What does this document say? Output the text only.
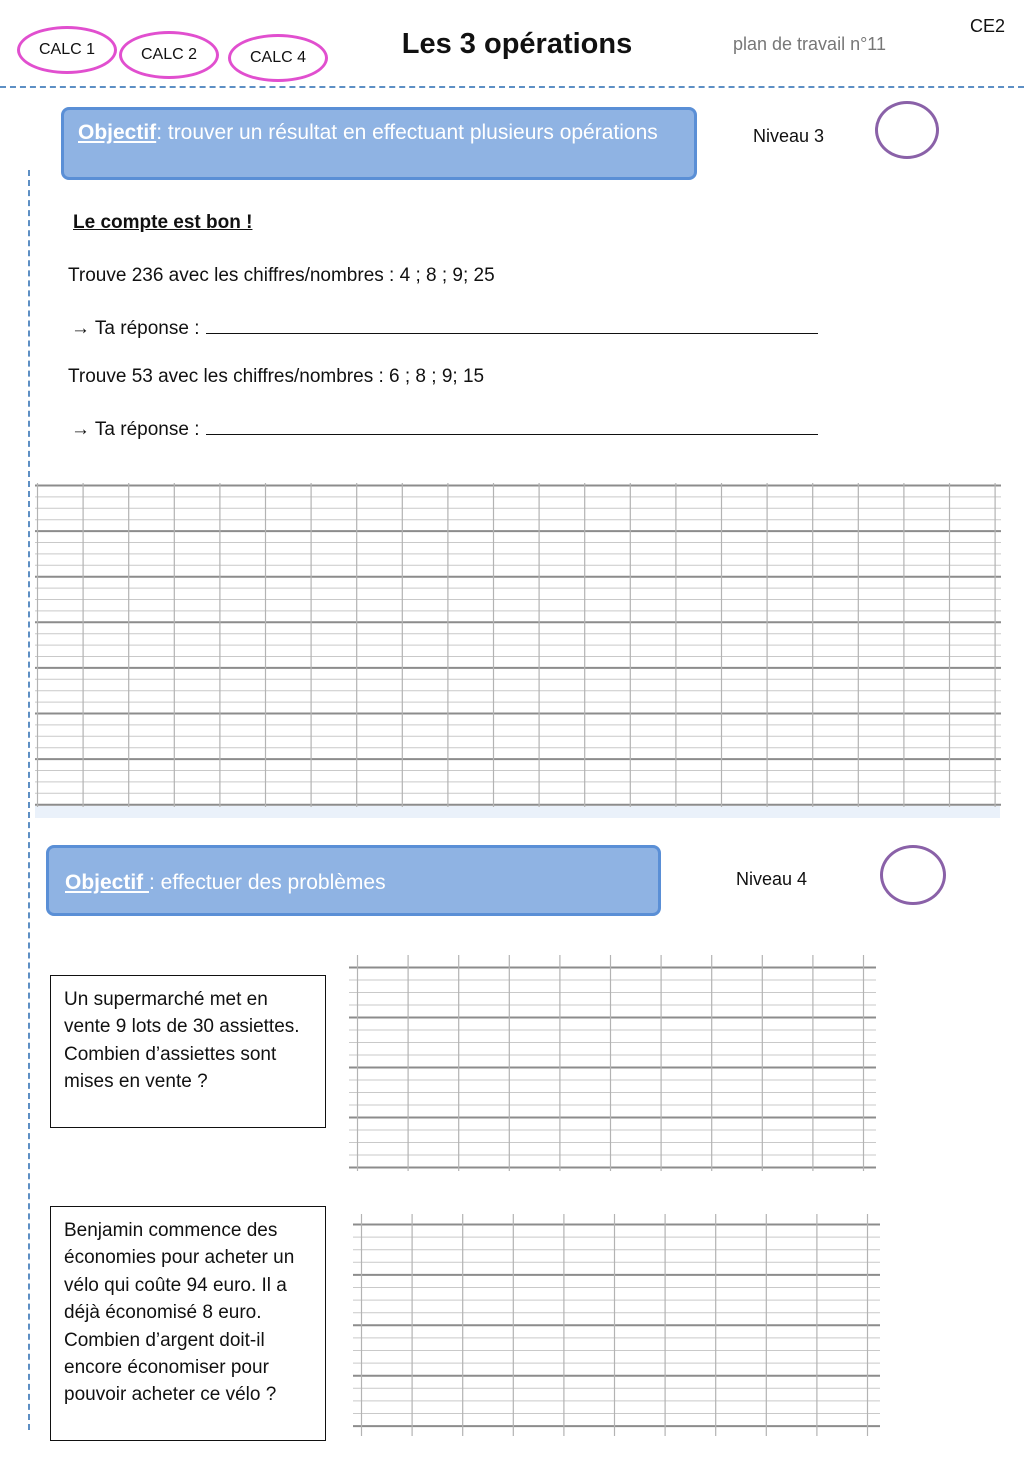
CALC 1	CALC 2	CALC 4	Les 3 opérations	plan de travail n°11
CE2
Objectif: trouver un résultat en effectuant plusieurs opérations	Niveau 3
Le compte est bon !
Trouve 236 avec les chiffres/nombres : 4 ; 8 ; 9; 25
→ Ta réponse :
Trouve 53 avec les chiffres/nombres : 6 ; 8 ; 9; 15
→ Ta réponse :
Objectif : effectuer des problèmes	Niveau 4
Un supermarché met en vente 9 lots de 30 assiettes. Combien d’assiettes sont mises en vente ?
Benjamin commence des économies pour acheter un vélo qui coûte 94 euro. Il a déjà économisé 8 euro. Combien d’argent doit-il encore économiser pour pouvoir acheter ce vélo ?
